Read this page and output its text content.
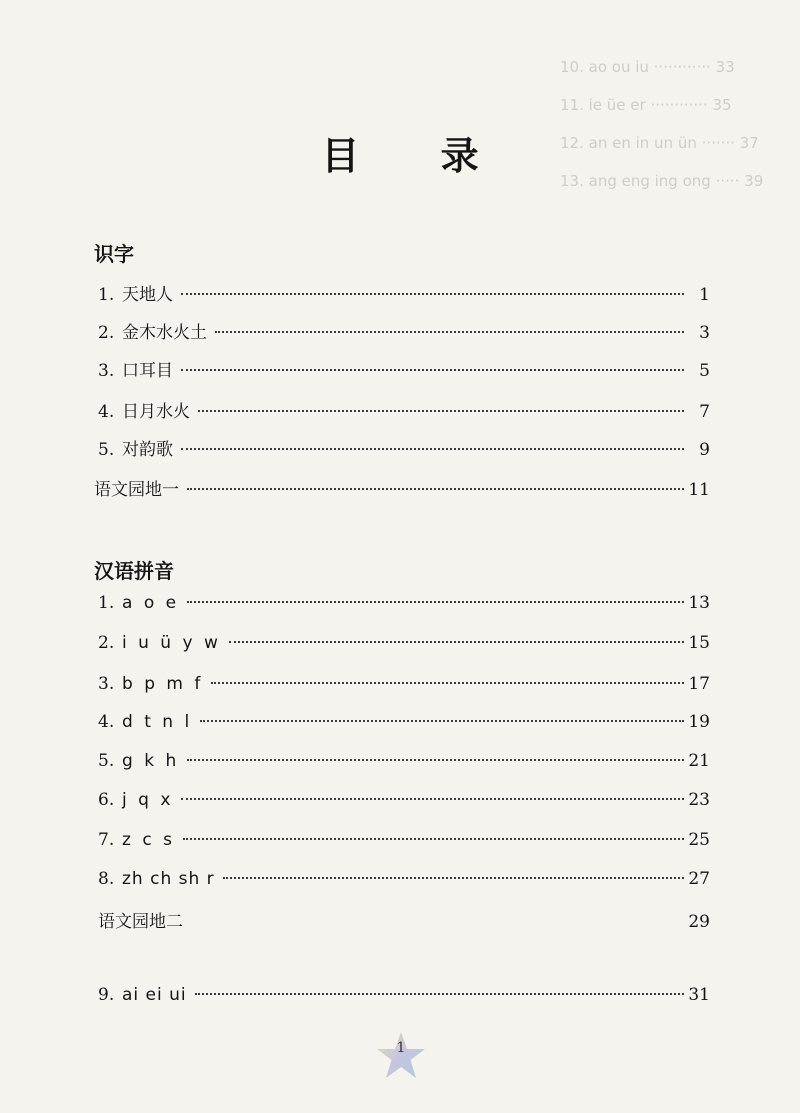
10. ao ou iu ············ 33
11. ie üe er ············ 35
12. an en in un ün ······· 37
13. ang eng ing ong ····· 39
目 录
识字
1. 天地人	1
2. 金木水火土	3
3. 口耳目	5
4. 日月水火	7
5. 对韵歌	9
语文园地一	11
汉语拼音
1. a o e	13
2. i u ü y w	15
3. b p m f	17
4. d t n l	19
5. g k h	21
6. j q x	23
7. z c s	25
8. zh ch sh r	27
语文园地二	29
9. ai ei ui	31
1
